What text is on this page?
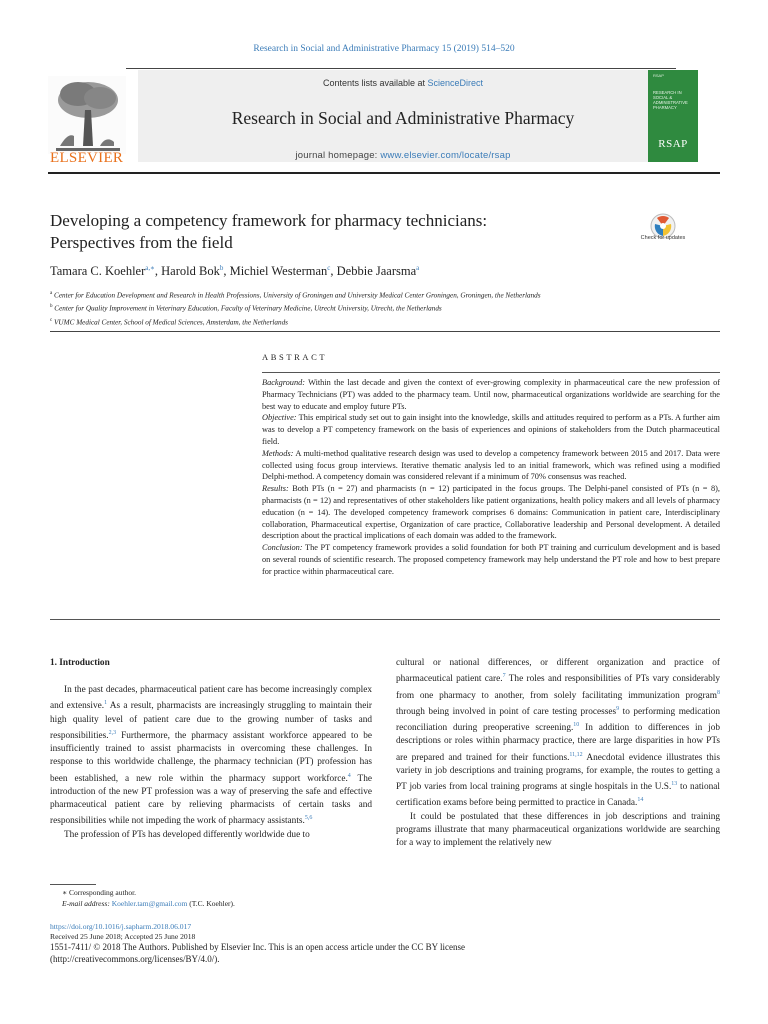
Research in Social and Administrative Pharmacy 15 (2019) 514–520
ELSEVIER
Contents lists available at ScienceDirect
Research in Social and Administrative Pharmacy
journal homepage: www.elsevier.com/locate/rsap
RSAP
RESEARCH IN SOCIAL & ADMINISTRATIVE PHARMACY
RSAP
Developing a competency framework for pharmacy technicians:
Perspectives from the field	Check for updates
Tamara C. Koehler$^{a,∗}$, Harold Bok$^b$, Michiel Westerman$^c$, Debbie Jaarsma$^a$
$^a$ Center for Education Development and Research in Health Professions, University of Groningen and University Medical Center Groningen, Groningen, the Netherlands
$^b$ Center for Quality Improvement in Veterinary Education, Faculty of Veterinary Medicine, Utrecht University, Utrecht, the Netherlands
$^c$ VUMC Medical Center, School of Medical Sciences, Amsterdam, the Netherlands
ABSTRACT

Background: Within the last decade and given the context of ever-growing complexity in pharmaceutical care the new profession of Pharmacy Technicians (PT) was added to the pharmacy team. Until now, pharmaceutical organizations worldwide are searching for the best way to educate and employ future PTs.

Objective: This empirical study set out to gain insight into the knowledge, skills and attitudes required to perform as a PTs. A further aim was to develop a PT competency framework on the basis of experiences and opinions of stakeholders from the Dutch pharmaceutical field.

Methods: A multi-method qualitative research design was used to develop a competency framework between 2015 and 2017. Data were collected using focus group interviews. Iterative thematic analysis led to an initial framework, which was refined using a modified Delphi-method. A competency domain was considered relevant if a minimum of 70% consensus was reached.

Results: Both PTs (n = 27) and pharmacists (n = 12) participated in the focus groups. The Delphi-panel consisted of PTs (n = 8), pharmacists (n = 12) and representatives of other stakeholders like patient organizations, health policy makers and all levels of pharmacy education (n = 14). The developed competency framework comprises 6 domains: Communication in patient care, Interdisciplinary collaboration, Pharmaceutical expertise, Organization of care practice, Collaborative leadership and Personal development. A detailed description about the practical implications of each domain was added to the framework.

Conclusion: The PT competency framework provides a solid foundation for both PT training and curriculum development and is based on several rounds of scientific research. The proposed competency framework may help understand the PT role and how to best prepare for practice within pharmaceutical care.

1. Introduction

In the past decades, pharmaceutical patient care has become increasingly complex and extensive.$^1$ As a result, pharmacists are increasingly struggling to maintain their high quality level of patient care due to the growing number of tasks and responsibilities.$^{2,3}$ Furthermore, the pharmacy assistant workforce appeared to be insufficiently trained to assist pharmacists in overcoming these challenges. In response to this worldwide challenge, the pharmacy technician (PT) profession has been established, a new role within the pharmacy support workforce.$^4$ The introduction of the new PT profession was a way of preserving the safe and effective pharmaceutical patient care by relieving pharmacists of certain tasks and responsibilities while not impeding the work of pharmacy assistants.$^{5,6}$

The profession of PTs has developed differently worldwide due to

cultural or national differences, or different organization and practice of pharmaceutical patient care.$^7$ The roles and responsibilities of PTs vary considerably from one pharmacy to another, from solely facilitating immunization program$^8$ through being involved in point of care testing processes$^9$ to performing medication reconciliation during preoperative screening.$^{10}$ In addition to differences in job descriptions or roles within pharmacy practice, there are large disparities in how PTs are prepared and trained for their functions.$^{11,12}$ Anecdotal evidence illustrates this variety in job descriptions and training programs, for example, the routes to getting a PT job varies from local training programs at single hospitals in the U.S.$^{13}$ to national certification exams before being permitted to practice in Canada.$^{14}$

It could be postulated that these differences in job descriptions and training programs illustrate that many pharmaceutical organizations worldwide are searching for a way to implement the relatively new

∗ Corresponding author.
E-mail address: Koehler.tam@gmail.com (T.C. Koehler).
https://doi.org/10.1016/j.sapharm.2018.06.017
Received 25 June 2018; Accepted 25 June 2018
1551-7411/ © 2018 The Authors. Published by Elsevier Inc. This is an open access article under the CC BY license
(http://creativecommons.org/licenses/BY/4.0/).
